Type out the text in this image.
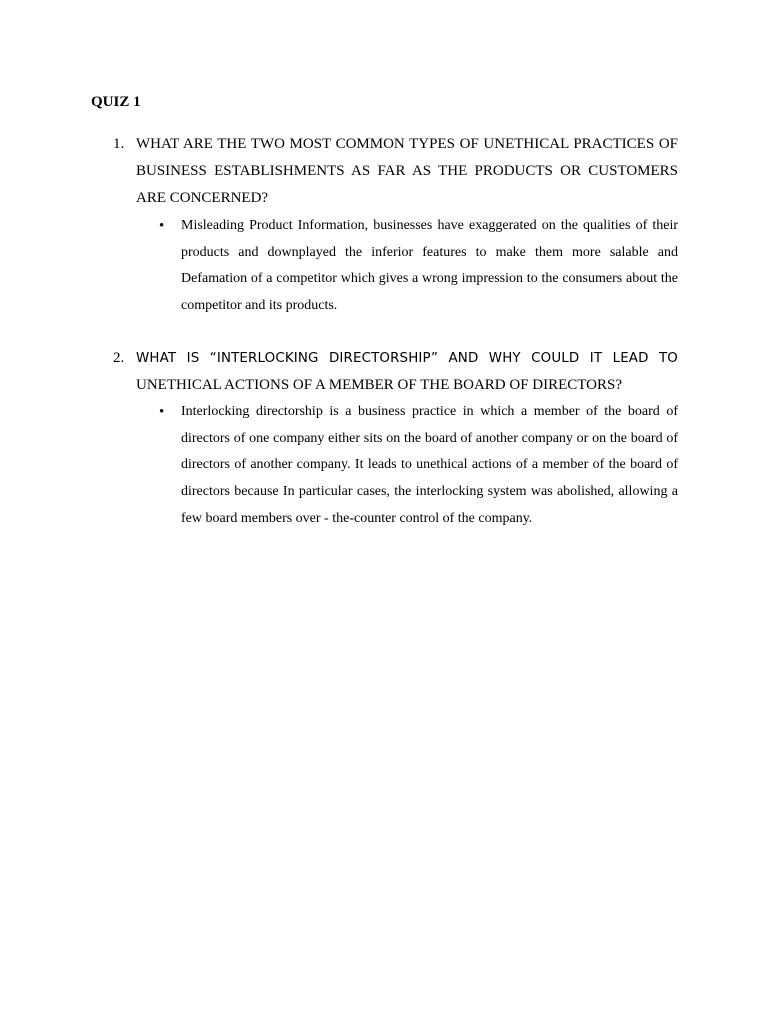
QUIZ 1
1. WHAT ARE THE TWO MOST COMMON TYPES OF UNETHICAL PRACTICES OF BUSINESS ESTABLISHMENTS AS FAR AS THE PRODUCTS OR CUSTOMERS ARE CONCERNED?
•	Misleading Product Information, businesses have exaggerated on the qualities of their products and downplayed the inferior features to make them more salable and Defamation of a competitor which gives a wrong impression to the consumers about the competitor and its products.
2. WHAT IS “INTERLOCKING DIRECTORSHIP” AND WHY COULD IT LEAD TO
UNETHICAL ACTIONS OF A MEMBER OF THE BOARD OF DIRECTORS?
•	Interlocking directorship is a business practice in which a member of the board of directors of one company either sits on the board of another company or on the board of directors of another company. It leads to unethical actions of a member of the board of directors because In particular cases, the interlocking system was abolished, allowing a few board members over - the-counter control of the company.
